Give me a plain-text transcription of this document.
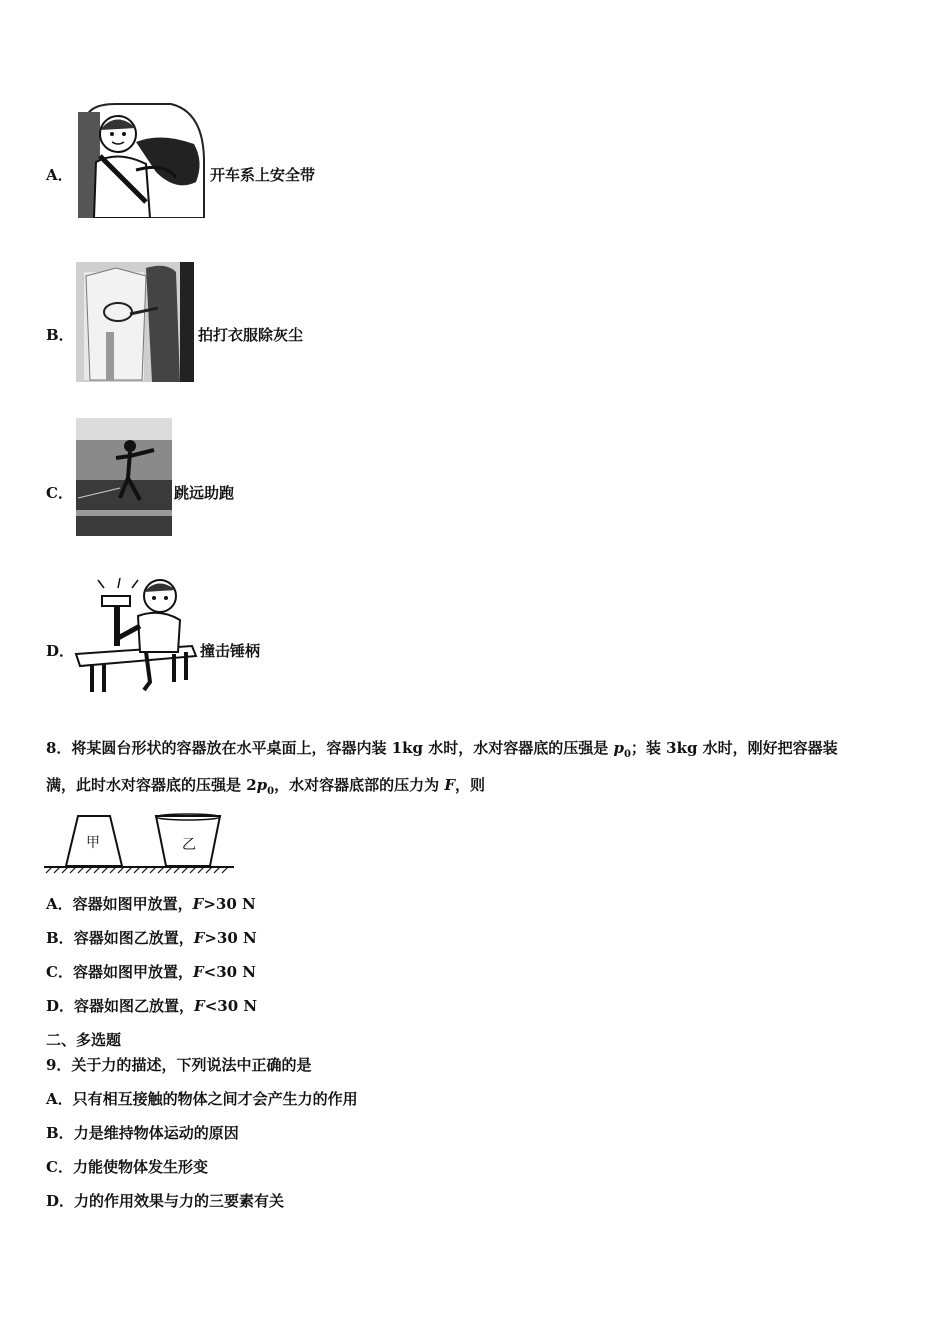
A．	开车系上安全带
B．	拍打衣服除灰尘
C．	跳远助跑
D．	撞击锤柄
8．将某圆台形状的容器放在水平桌面上，容器内装 1kg 水时，水对容器底的压强是 $p_0$；装 3kg 水时，刚好把容器装
满，此时水对容器底的压强是 $2p_0$，水对容器底部的压力为 F，则
甲	乙
A．容器如图甲放置，F>30 N
B．容器如图乙放置，F>30 N
C．容器如图甲放置，F<30 N
D．容器如图乙放置，F<30 N
二、多选题
9．关于力的描述，下列说法中正确的是
A．只有相互接触的物体之间才会产生力的作用
B．力是维持物体运动的原因
C．力能使物体发生形变
D．力的作用效果与力的三要素有关
